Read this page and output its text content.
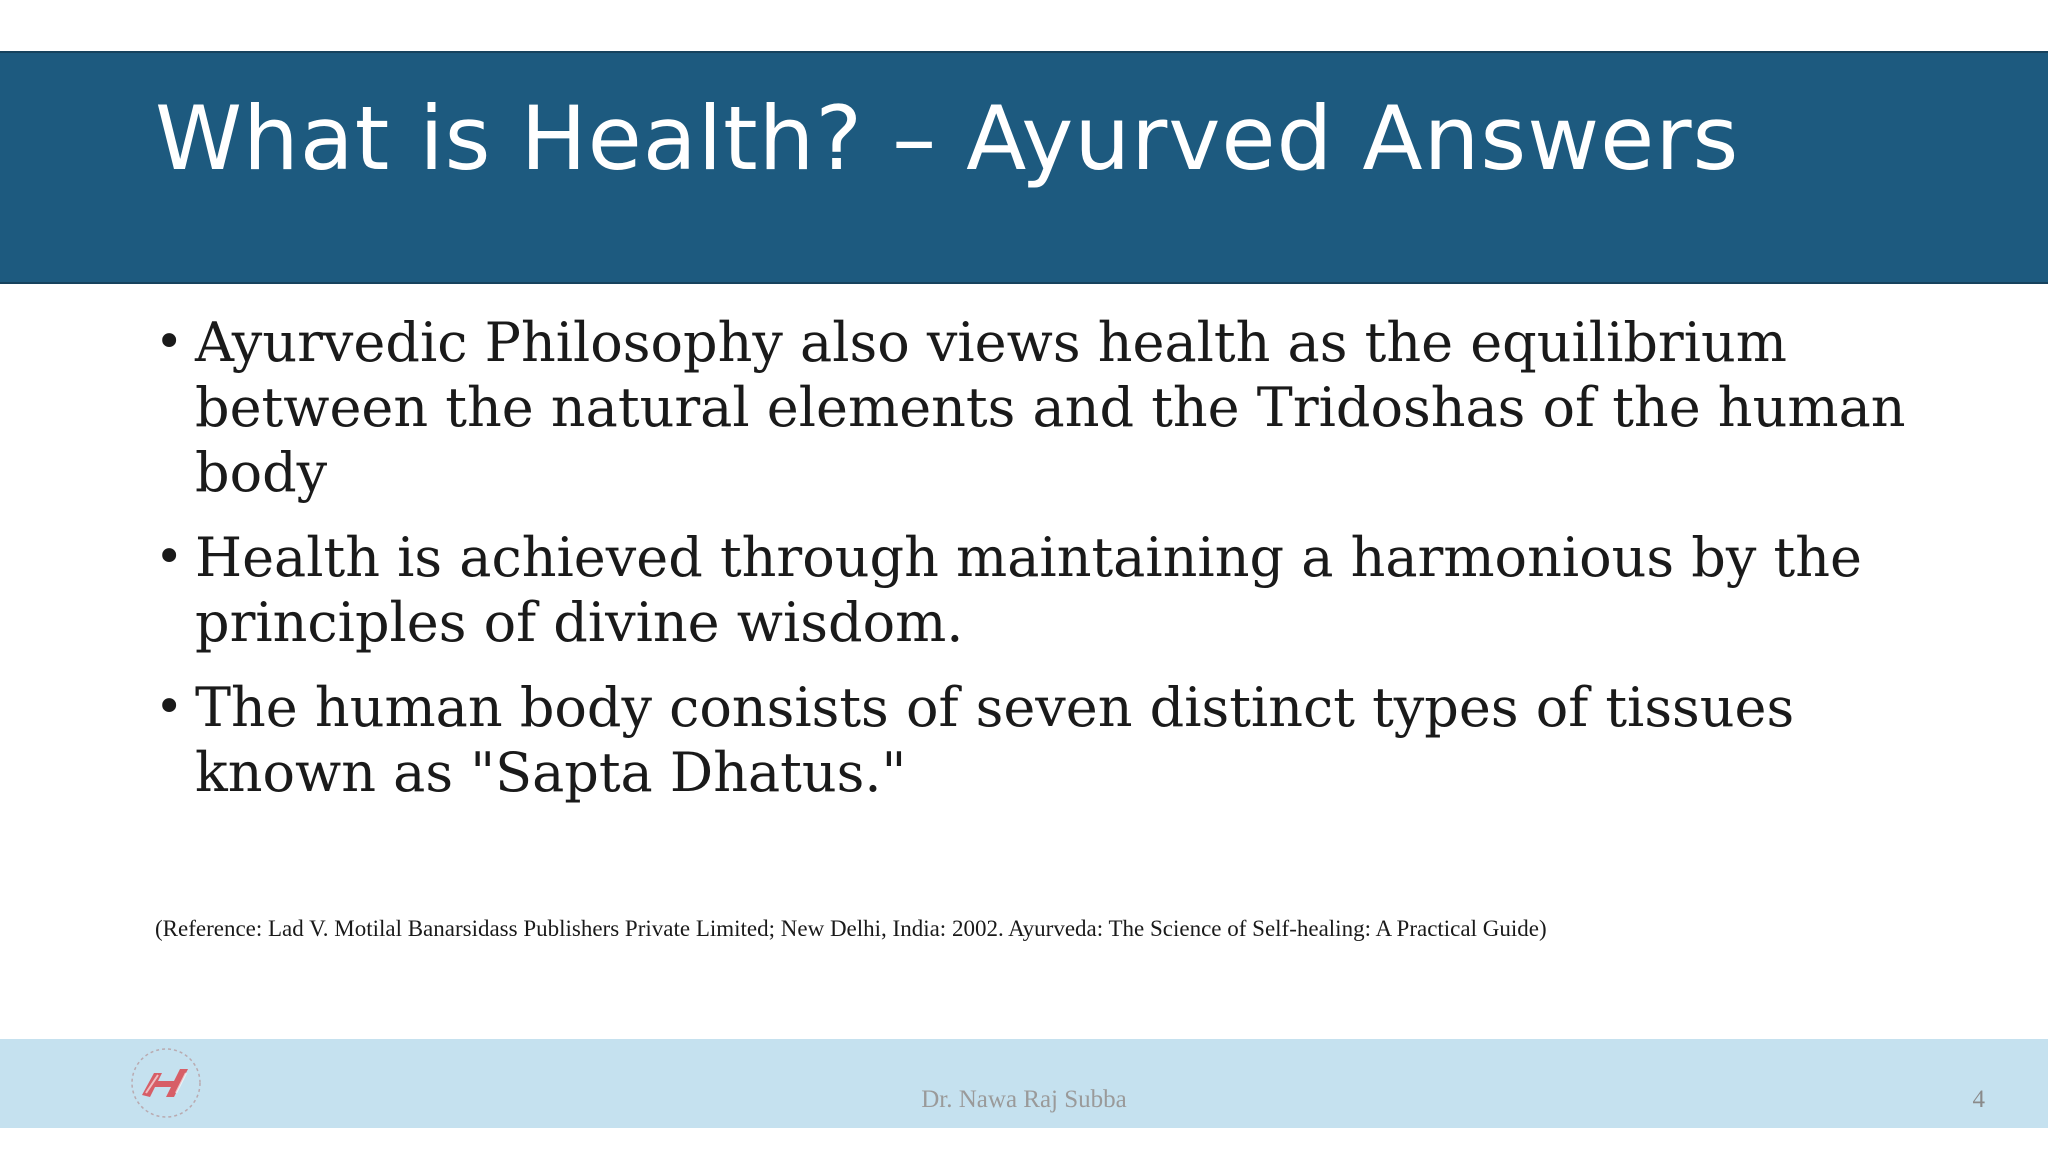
What is Health? – Ayurved Answers
• Ayurvedic Philosophy also views health as the equilibrium between the natural elements and the Tridoshas of the human body
• Health is achieved through maintaining a harmonious by the principles of divine wisdom.
• The human body consists of seven distinct types of tissues known as "Sapta Dhatus."
(Reference: Lad V. Motilal Banarsidass Publishers Private Limited; New Delhi, India: 2002. Ayurveda: The Science of Self-healing: A Practical Guide)
Dr. Nawa Raj Subba	4
